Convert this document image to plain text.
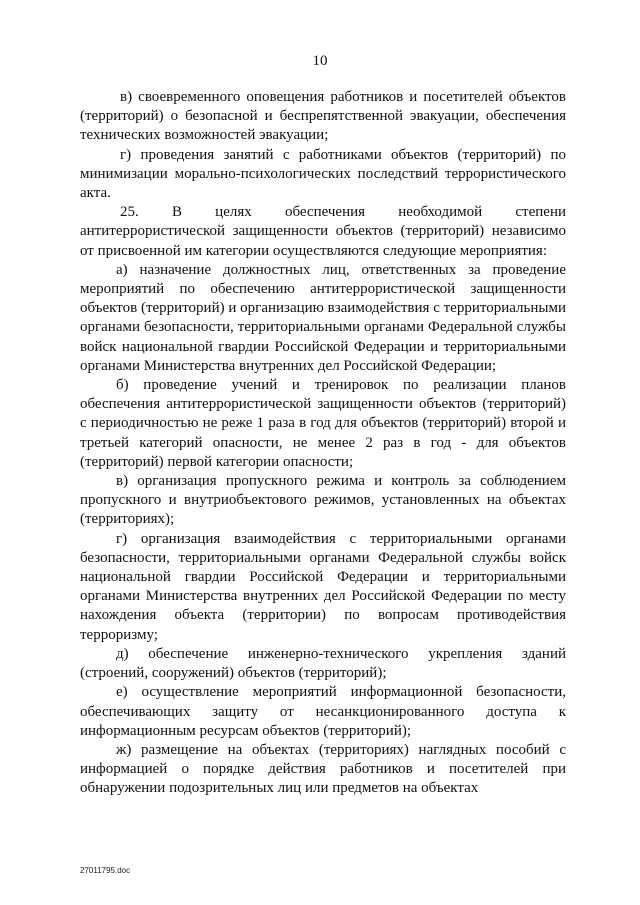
10

в) своевременного оповещения работников и посетителей объектов (территорий) о безопасной и беспрепятственной эвакуации, обеспечения технических возможностей эвакуации;

г) проведения занятий с работниками объектов (территорий) по минимизации морально-психологических последствий террористического акта.

25. В целях обеспечения необходимой степени антитеррористической защищенности объектов (территорий) независимо от присвоенной им категории осуществляются следующие мероприятия:

а) назначение должностных лиц, ответственных за проведение мероприятий по обеспечению антитеррористической защищенности объектов (территорий) и организацию взаимодействия с территориальными органами безопасности, территориальными органами Федеральной службы войск национальной гвардии Российской Федерации и территориальными органами Министерства внутренних дел Российской Федерации;

б) проведение учений и тренировок по реализации планов обеспечения антитеррористической защищенности объектов (территорий) с периодичностью не реже 1 раза в год для объектов (территорий) второй и третьей категорий опасности, не менее 2 раз в год - для объектов (территорий) первой категории опасности;

в) организация пропускного режима и контроль за соблюдением пропускного и внутриобъектового режимов, установленных на объектах (территориях);

г) организация взаимодействия с территориальными органами безопасности, территориальными органами Федеральной службы войск национальной гвардии Российской Федерации и территориальными органами Министерства внутренних дел Российской Федерации по месту нахождения объекта (территории) по вопросам противодействия терроризму;

д) обеспечение инженерно-технического укрепления зданий (строений, сооружений) объектов (территорий);

е) осуществление мероприятий информационной безопасности, обеспечивающих защиту от несанкционированного доступа к информационным ресурсам объектов (территорий);

ж) размещение на объектах (территориях) наглядных пособий с информацией о порядке действия работников и посетителей при обнаружении подозрительных лиц или предметов на объектах

27011795.doc
